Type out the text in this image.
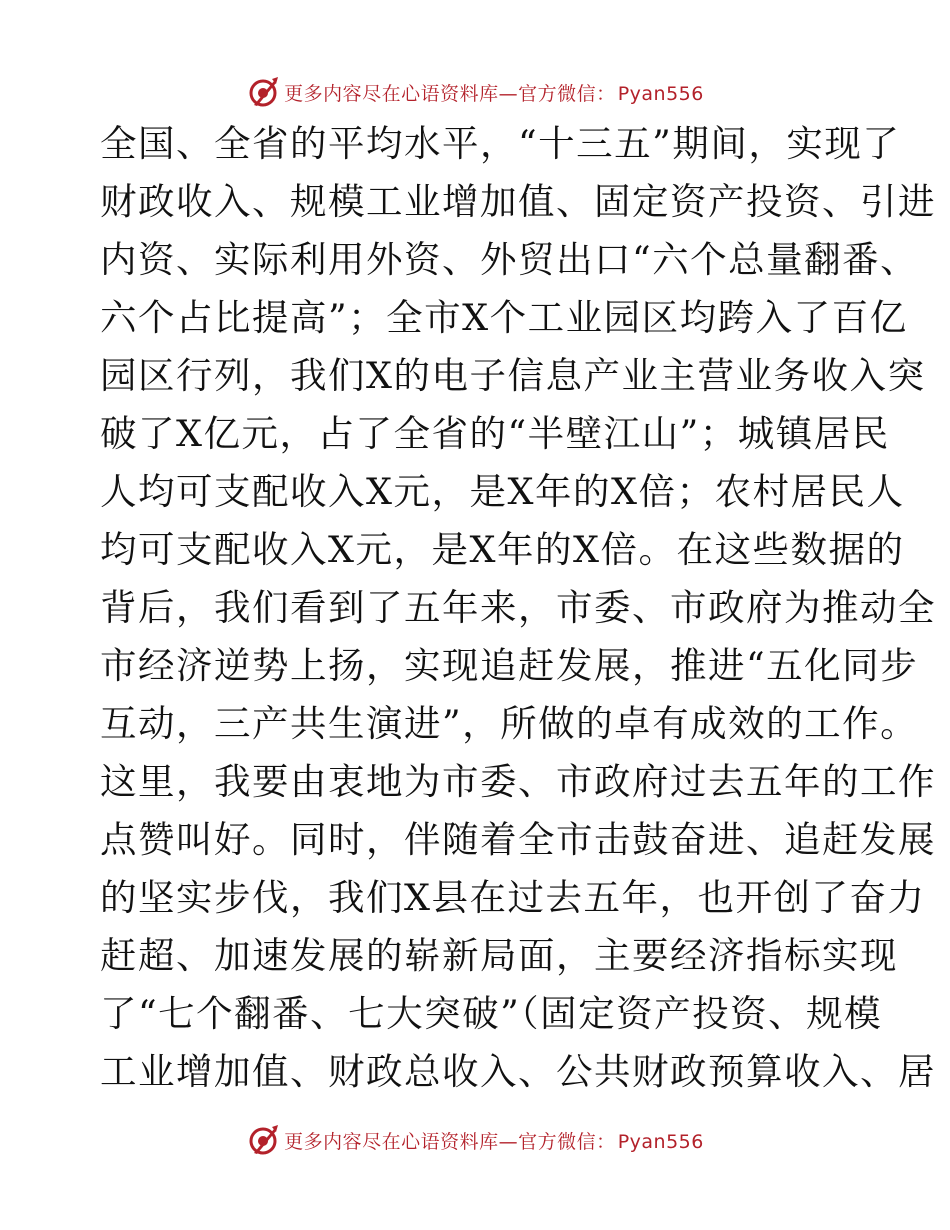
更多内容尽在心语资料库—官方微信： Pyan556
全国、全省的平均水平，“十三五”期间，实现了
财政收入、规模工业增加值、固定资产投资、引进
内资、实际利用外资、外贸出口“六个总量翻番、
六个占比提高”；全市X个工业园区均跨入了百亿
园区行列，我们X的电子信息产业主营业务收入突
破了X亿元，占了全省的“半壁江山”；城镇居民
人均可支配收入X元，是X年的X倍；农村居民人
均可支配收入X元，是X年的X倍。在这些数据的
背后，我们看到了五年来，市委、市政府为推动全
市经济逆势上扬，实现追赶发展，推进“五化同步
互动，三产共生演进”，所做的卓有成效的工作。
这里，我要由衷地为市委、市政府过去五年的工作
点赞叫好。同时，伴随着全市击鼓奋进、追赶发展
的坚实步伐，我们X县在过去五年，也开创了奋力
赶超、加速发展的崭新局面，主要经济指标实现
了“七个翻番、七大突破”（固定资产投资、规模
工业增加值、财政总收入、公共财政预算收入、居
更多内容尽在心语资料库—官方微信： Pyan556
